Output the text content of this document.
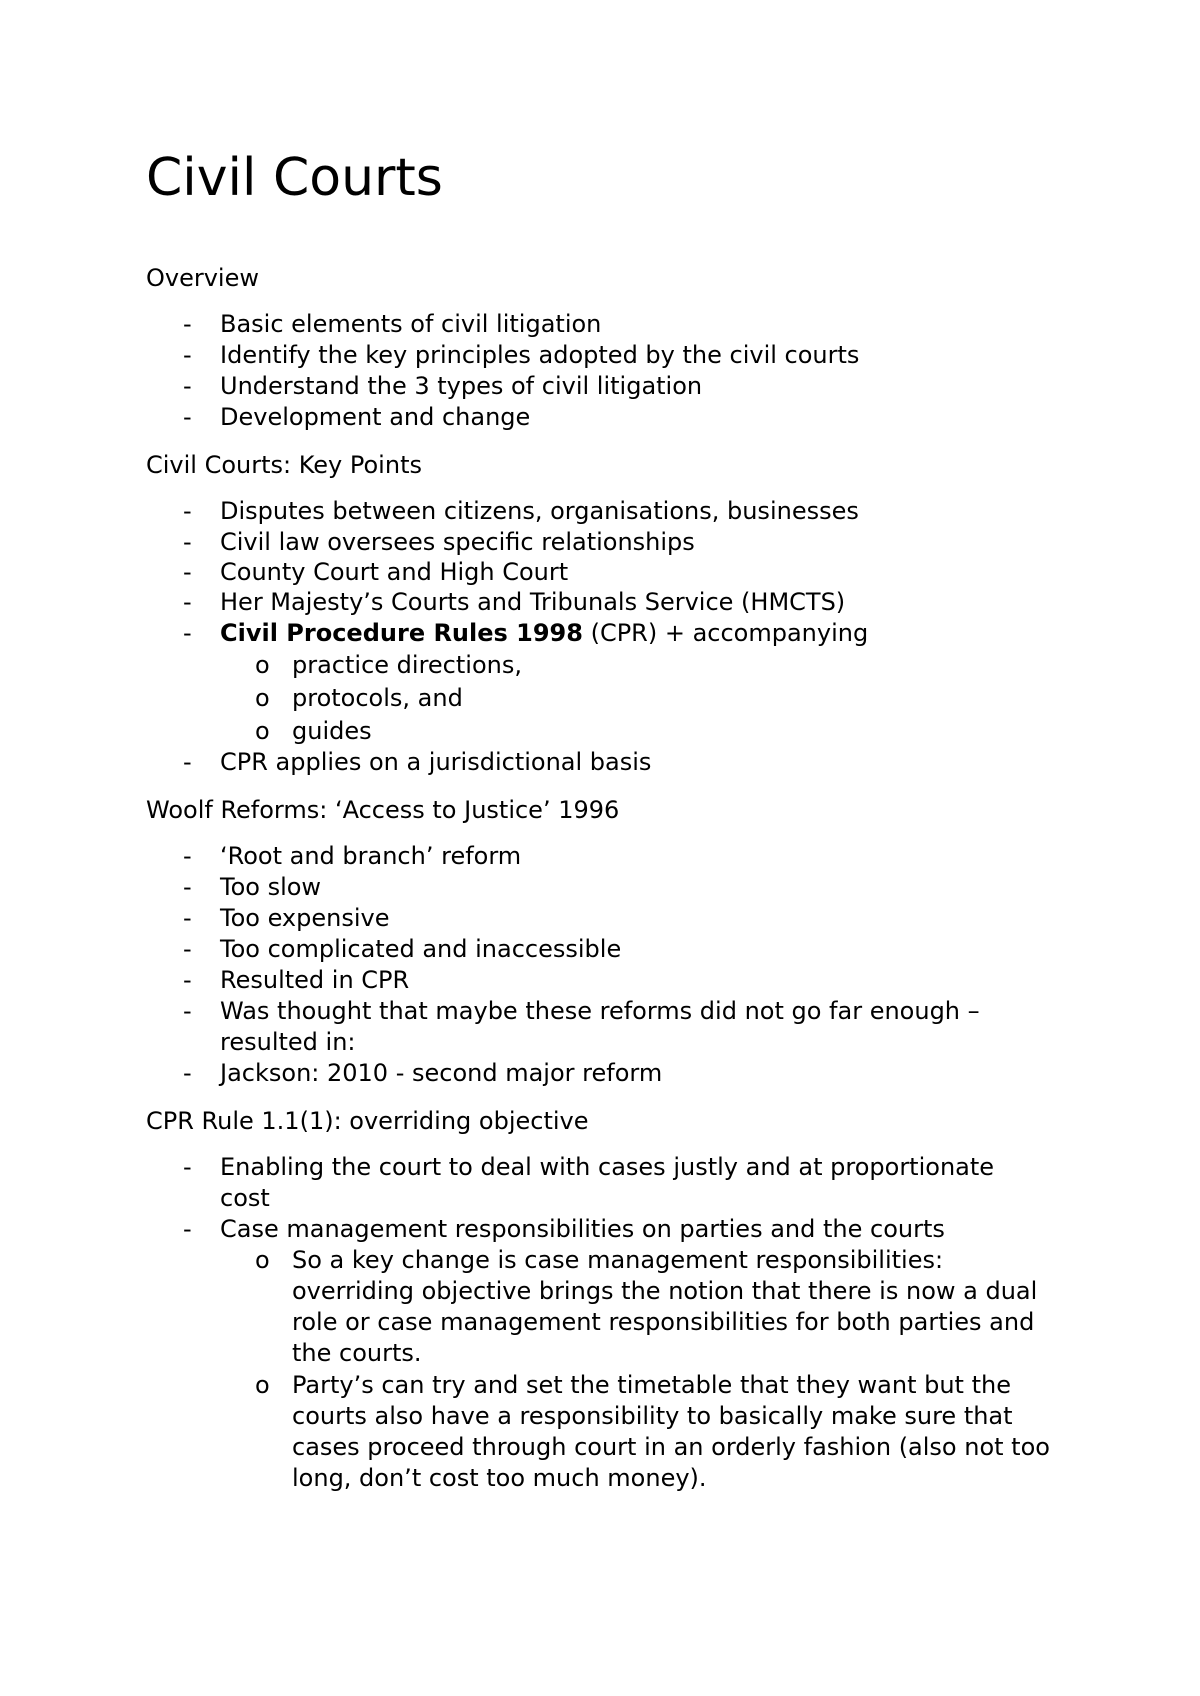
Civil Courts

Overview

- Basic elements of civil litigation
- Identify the key principles adopted by the civil courts
- Understand the 3 types of civil litigation
- Development and change

Civil Courts: Key Points

- Disputes between citizens, organisations, businesses
- Civil law oversees specific relationships
- County Court and High Court
- Her Majesty’s Courts and Tribunals Service (HMCTS)
- Civil Procedure Rules 1998 (CPR) + accompanying
o practice directions,
o protocols, and
o guides
- CPR applies on a jurisdictional basis

Woolf Reforms: ‘Access to Justice’ 1996

- ‘Root and branch’ reform
- Too slow
- Too expensive
- Too complicated and inaccessible
- Resulted in CPR
- Was thought that maybe these reforms did not go far enough – resulted in:
- Jackson: 2010 - second major reform

CPR Rule 1.1(1): overriding objective

- Enabling the court to deal with cases justly and at proportionate cost
- Case management responsibilities on parties and the courts
o So a key change is case management responsibilities: overriding objective brings the notion that there is now a dual role or case management responsibilities for both parties and the courts.
o Party’s can try and set the timetable that they want but the courts also have a responsibility to basically make sure that cases proceed through court in an orderly fashion (also not too long, don’t cost too much money).
